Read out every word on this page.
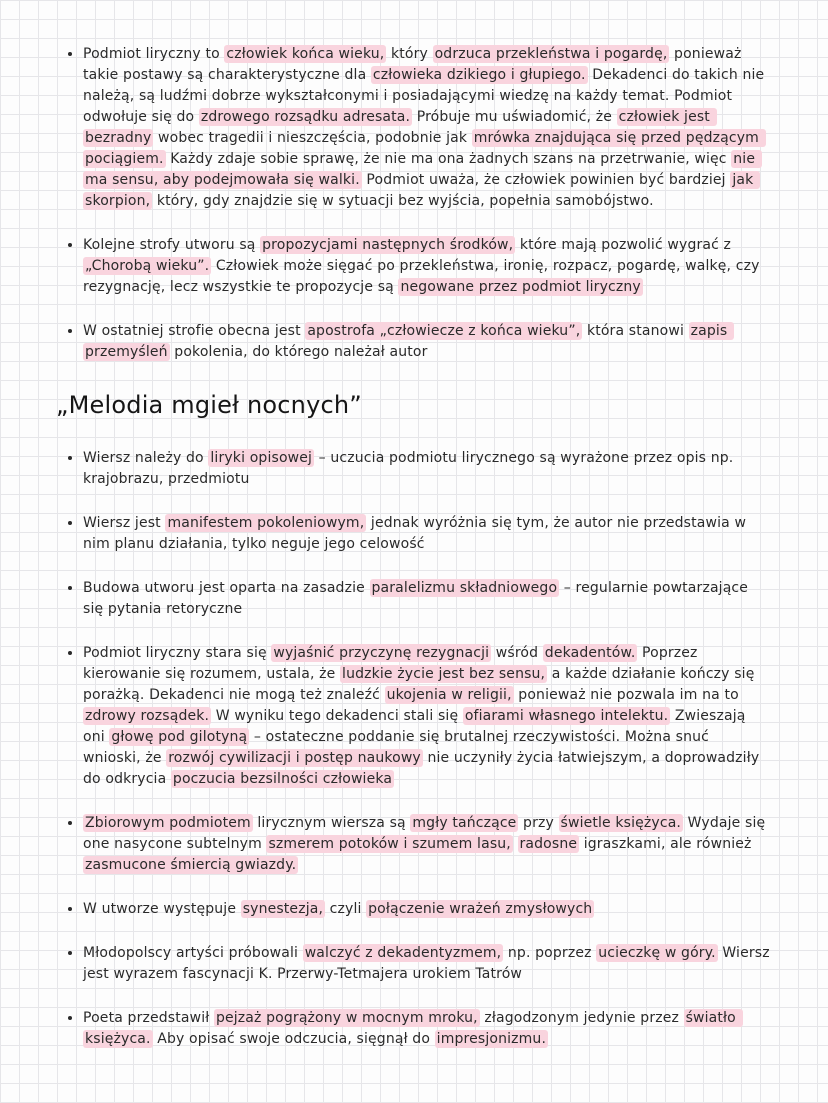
Podmiot liryczny to człowiek końca wieku, który odrzuca przekleństwa i pogardę, ponieważ takie postawy są charakterystyczne dla człowieka dzikiego i głupiego. Dekadenci do takich nie należą, są ludźmi dobrze wykształconymi i posiadającymi wiedzę na każdy temat. Podmiot odwołuje się do zdrowego rozsądku adresata. Próbuje mu uświadomić, że człowiek jest bezradny wobec tragedii i nieszczęścia, podobnie jak mrówka znajdująca się przed pędzącym pociągiem. Każdy zdaje sobie sprawę, że nie ma ona żadnych szans na przetrwanie, więc nie ma sensu, aby podejmowała się walki. Podmiot uważa, że człowiek powinien być bardziej jak skorpion, który, gdy znajdzie się w sytuacji bez wyjścia, popełnia samobójstwo.

Kolejne strofy utworu są propozycjami następnych środków, które mają pozwolić wygrać z „Chorobą wieku”. Człowiek może sięgać po przekleństwa, ironię, rozpacz, pogardę, walkę, czy rezygnację, lecz wszystkie te propozycje są negowane przez podmiot liryczny

W ostatniej strofie obecna jest apostrofa „człowiecze z końca wieku”, która stanowi zapis przemyśleń pokolenia, do którego należał autor

„Melodia mgieł nocnych”

Wiersz należy do liryki opisowej – uczucia podmiotu lirycznego są wyrażone przez opis np. krajobrazu, przedmiotu

Wiersz jest manifestem pokoleniowym, jednak wyróżnia się tym, że autor nie przedstawia w nim planu działania, tylko neguje jego celowość

Budowa utworu jest oparta na zasadzie paralelizmu składniowego – regularnie powtarzające się pytania retoryczne

Podmiot liryczny stara się wyjaśnić przyczynę rezygnacji wśród dekadentów. Poprzez kierowanie się rozumem, ustala, że ludzkie życie jest bez sensu, a każde działanie kończy się porażką. Dekadenci nie mogą też znaleźć ukojenia w religii, ponieważ nie pozwala im na to zdrowy rozsądek. W wyniku tego dekadenci stali się ofiarami własnego intelektu. Zwieszają oni głowę pod gilotyną – ostateczne poddanie się brutalnej rzeczywistości. Można snuć wnioski, że rozwój cywilizacji i postęp naukowy nie uczyniły życia łatwiejszym, a doprowadziły do odkrycia poczucia bezsilności człowieka

Zbiorowym podmiotem lirycznym wiersza są mgły tańczące przy świetle księżyca. Wydaje się one nasycone subtelnym szmerem potoków i szumem lasu, radosne igraszkami, ale również zasmucone śmiercią gwiazdy.

W utworze występuje synestezja, czyli połączenie wrażeń zmysłowych

Młodopolscy artyści próbowali walczyć z dekadentyzmem, np. poprzez ucieczkę w góry. Wiersz jest wyrazem fascynacji K. Przerwy-Tetmajera urokiem Tatrów

Poeta przedstawił pejzaż pogrążony w mocnym mroku, złagodzonym jedynie przez światło księżyca. Aby opisać swoje odczucia, sięgnął do impresjonizmu.
